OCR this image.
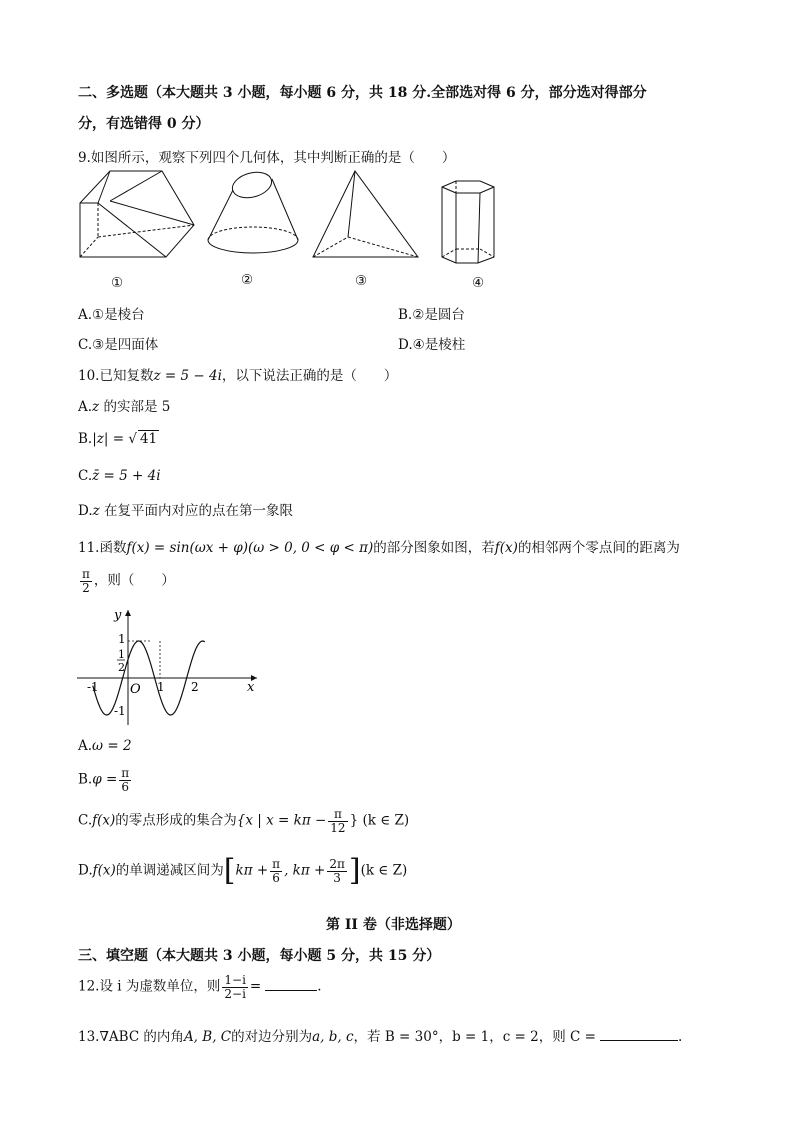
二、多选题（本大题共 3 小题，每小题 6 分，共 18 分.全部选对得 6 分，部分选对得部分
分，有选错得 0 分）
9.如图所示，观察下列四个几何体，其中判断正确的是（　　）
①	②	③	④
A.①是棱台	B.②是圆台
C.③是四面体	D.④是棱柱
10.已知复数z = 5 − 4i，以下说法正确的是（　　）
A.z 的实部是 5
B.|z| = √ 41
C.z̄ = 5 + 4i
D.z 在复平面内对应的点在第一象限
11.函数f(x) = sin(ωx + φ)(ω > 0, 0 < φ < π)的部分图象如图，若f(x)的相邻两个零点间的距离为
$\frac{\pi}{2}$ ，则（　　）
y
x
O
-1	1 2
1
1
2
-1
A.ω = 2
$B.\varphi = \frac{\pi}{6}$
C.f(x)的零点形成的集合为{x | $x = k\pi - \frac{\pi}{12}$ } (k ∈ Z)
D.f(x)的单调递减区间为[$k\pi + \frac{\pi}{6}$ , $k\pi + \frac{2\pi}{3} ](k$ ∈ Z)
第 II 卷（非选择题）
三、填空题（本大题共 3 小题，每小题 5 分，共 15 分）
12.设 i 为虚数单位，则 $\frac{1-i}{2-i}$ =	.
13.∇ABC 的内角A, B, C的对边分别为a, b, c，若 B = 30°，b = 1，c = 2，则 C =	.
